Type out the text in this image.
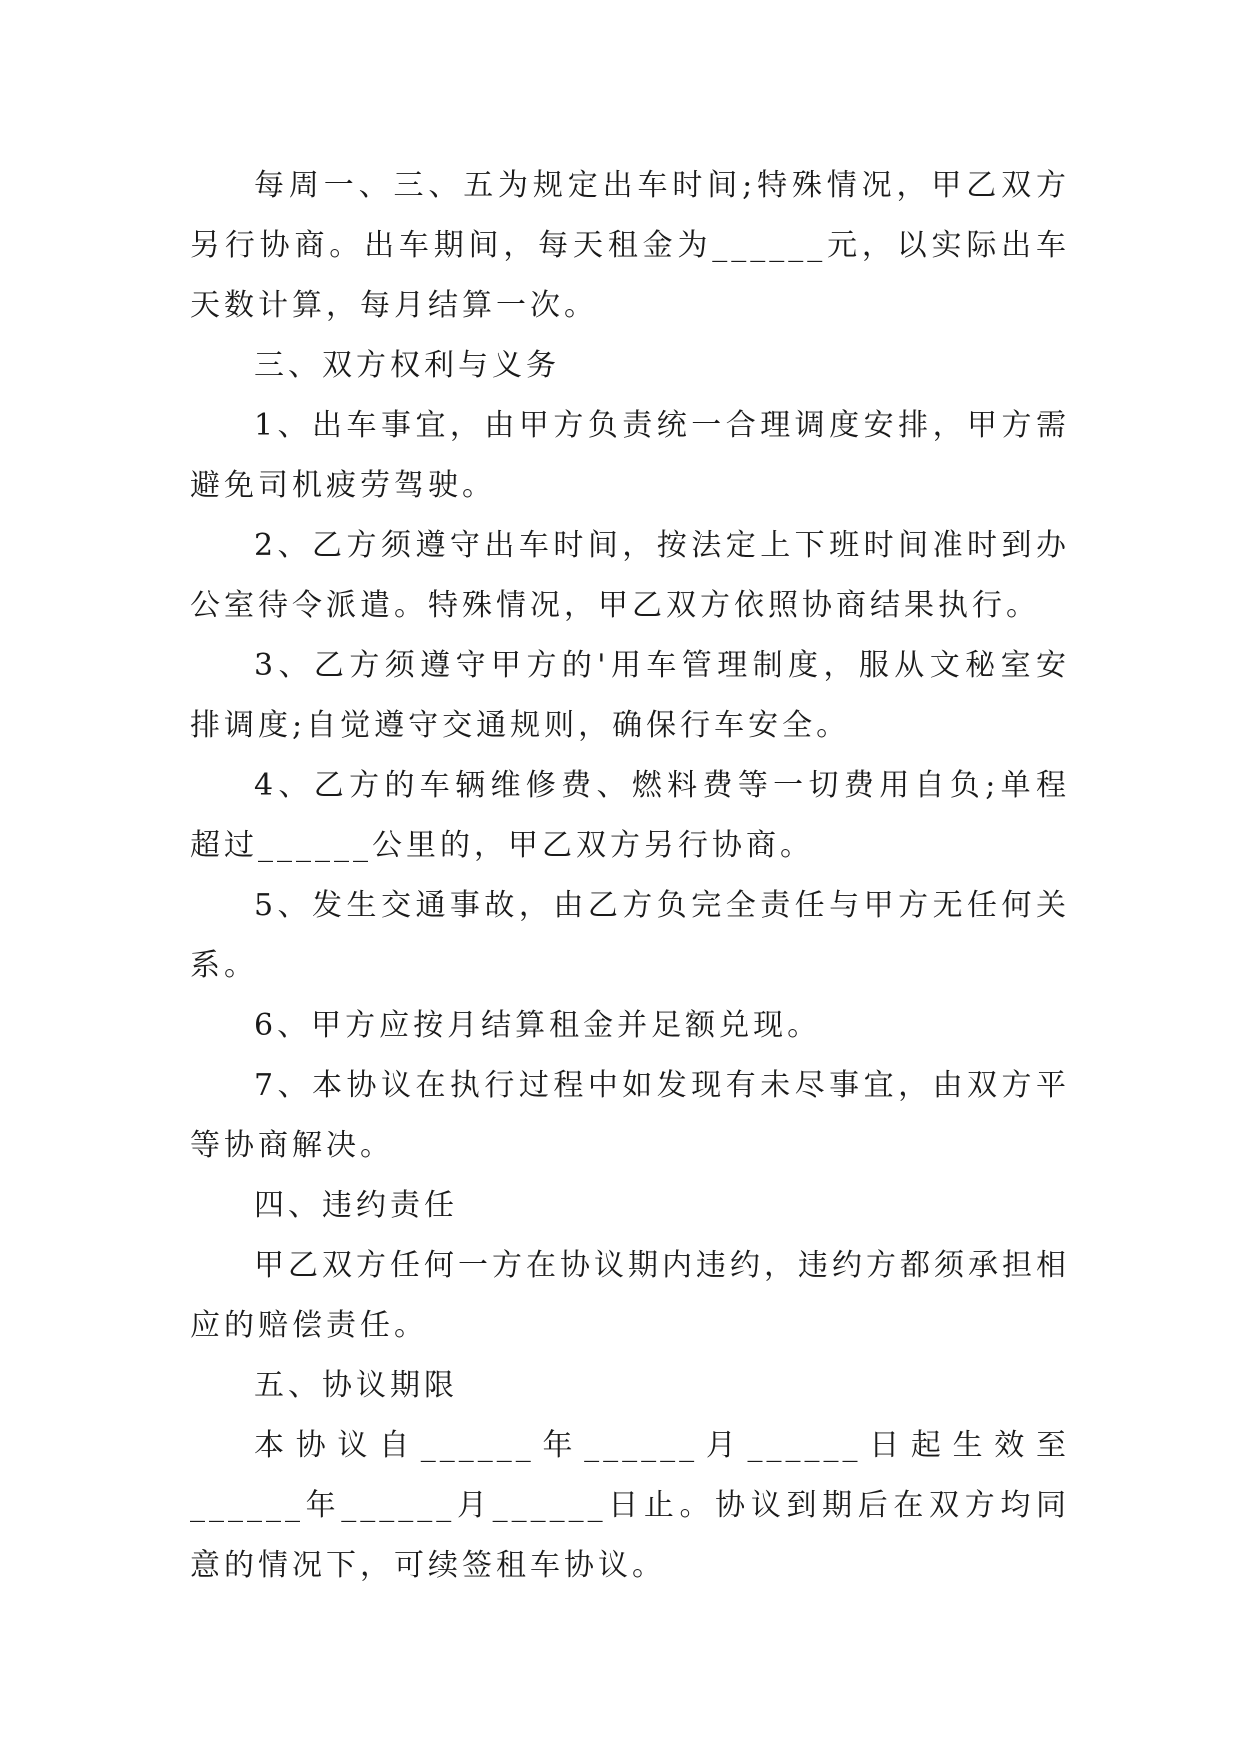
每周一、三、五为规定出车时间;特殊情况，甲乙双方另行协商。出车期间，每天租金为______元，以实际出车天数计算，每月结算一次。

三、双方权利与义务

1、出车事宜，由甲方负责统一合理调度安排，甲方需避免司机疲劳驾驶。

2、乙方须遵守出车时间，按法定上下班时间准时到办公室待令派遣。特殊情况，甲乙双方依照协商结果执行。

3、乙方须遵守甲方的'用车管理制度，服从文秘室安排调度;自觉遵守交通规则，确保行车安全。

4、乙方的车辆维修费、燃料费等一切费用自负;单程超过______公里的，甲乙双方另行协商。

5、发生交通事故，由乙方负完全责任与甲方无任何关系。

6、甲方应按月结算租金并足额兑现。

7、本协议在执行过程中如发现有未尽事宜，由双方平等协商解决。

四、违约责任

甲乙双方任何一方在协议期内违约，违约方都须承担相应的赔偿责任。

五、协议期限

本协议自______年______月______日起生效至______年______月______日止。协议到期后在双方均同意的情况下，可续签租车协议。
